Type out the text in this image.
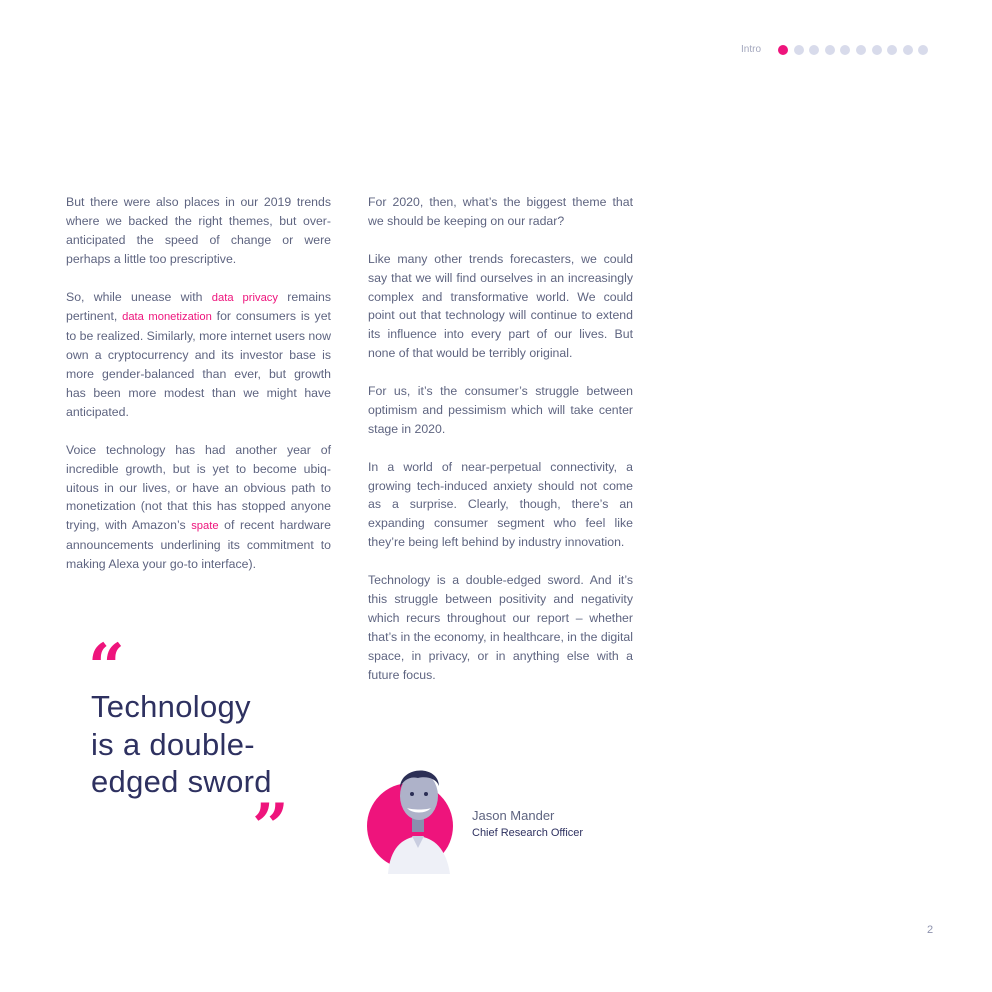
Intro

But there were also places in our 2019 trends where we backed the right themes, but over-anticipated the speed of change or were perhaps a little too prescriptive.

So, while unease with data privacy remains pertinent, data monetization for consumers is yet to be realized. Similarly, more internet users now own a cryptocurrency and its investor base is more gender-balanced than ever, but growth has been more modest than we might have anticipated.

Voice technology has had another year of incredible growth, but is yet to become ubiquitous in our lives, or have an obvious path to monetization (not that this has stopped anyone trying, with Amazon’s spate of recent hardware announcements underlining its commitment to making Alexa your go-to interface).

“
Technology
is a double-
edged sword
”

For 2020, then, what’s the biggest theme that we should be keeping on our radar?

Like many other trends forecasters, we could say that we will find ourselves in an increasingly complex and transformative world. We could point out that technology will continue to extend its influence into every part of our lives. But none of that would be terribly original.

For us, it’s the consumer’s struggle between optimism and pessimism which will take center stage in 2020.

In a world of near-perpetual connectivity, a growing tech-induced anxiety should not come as a surprise. Clearly, though, there’s an expanding consumer segment who feel like they’re being left behind by industry innovation.

Technology is a double-edged sword. And it’s this struggle between positivity and negativity which recurs throughout our report – whether that’s in the economy, in healthcare, in the digital space, in privacy, or in anything else with a future focus.

Jason Mander
Chief Research Officer
2
